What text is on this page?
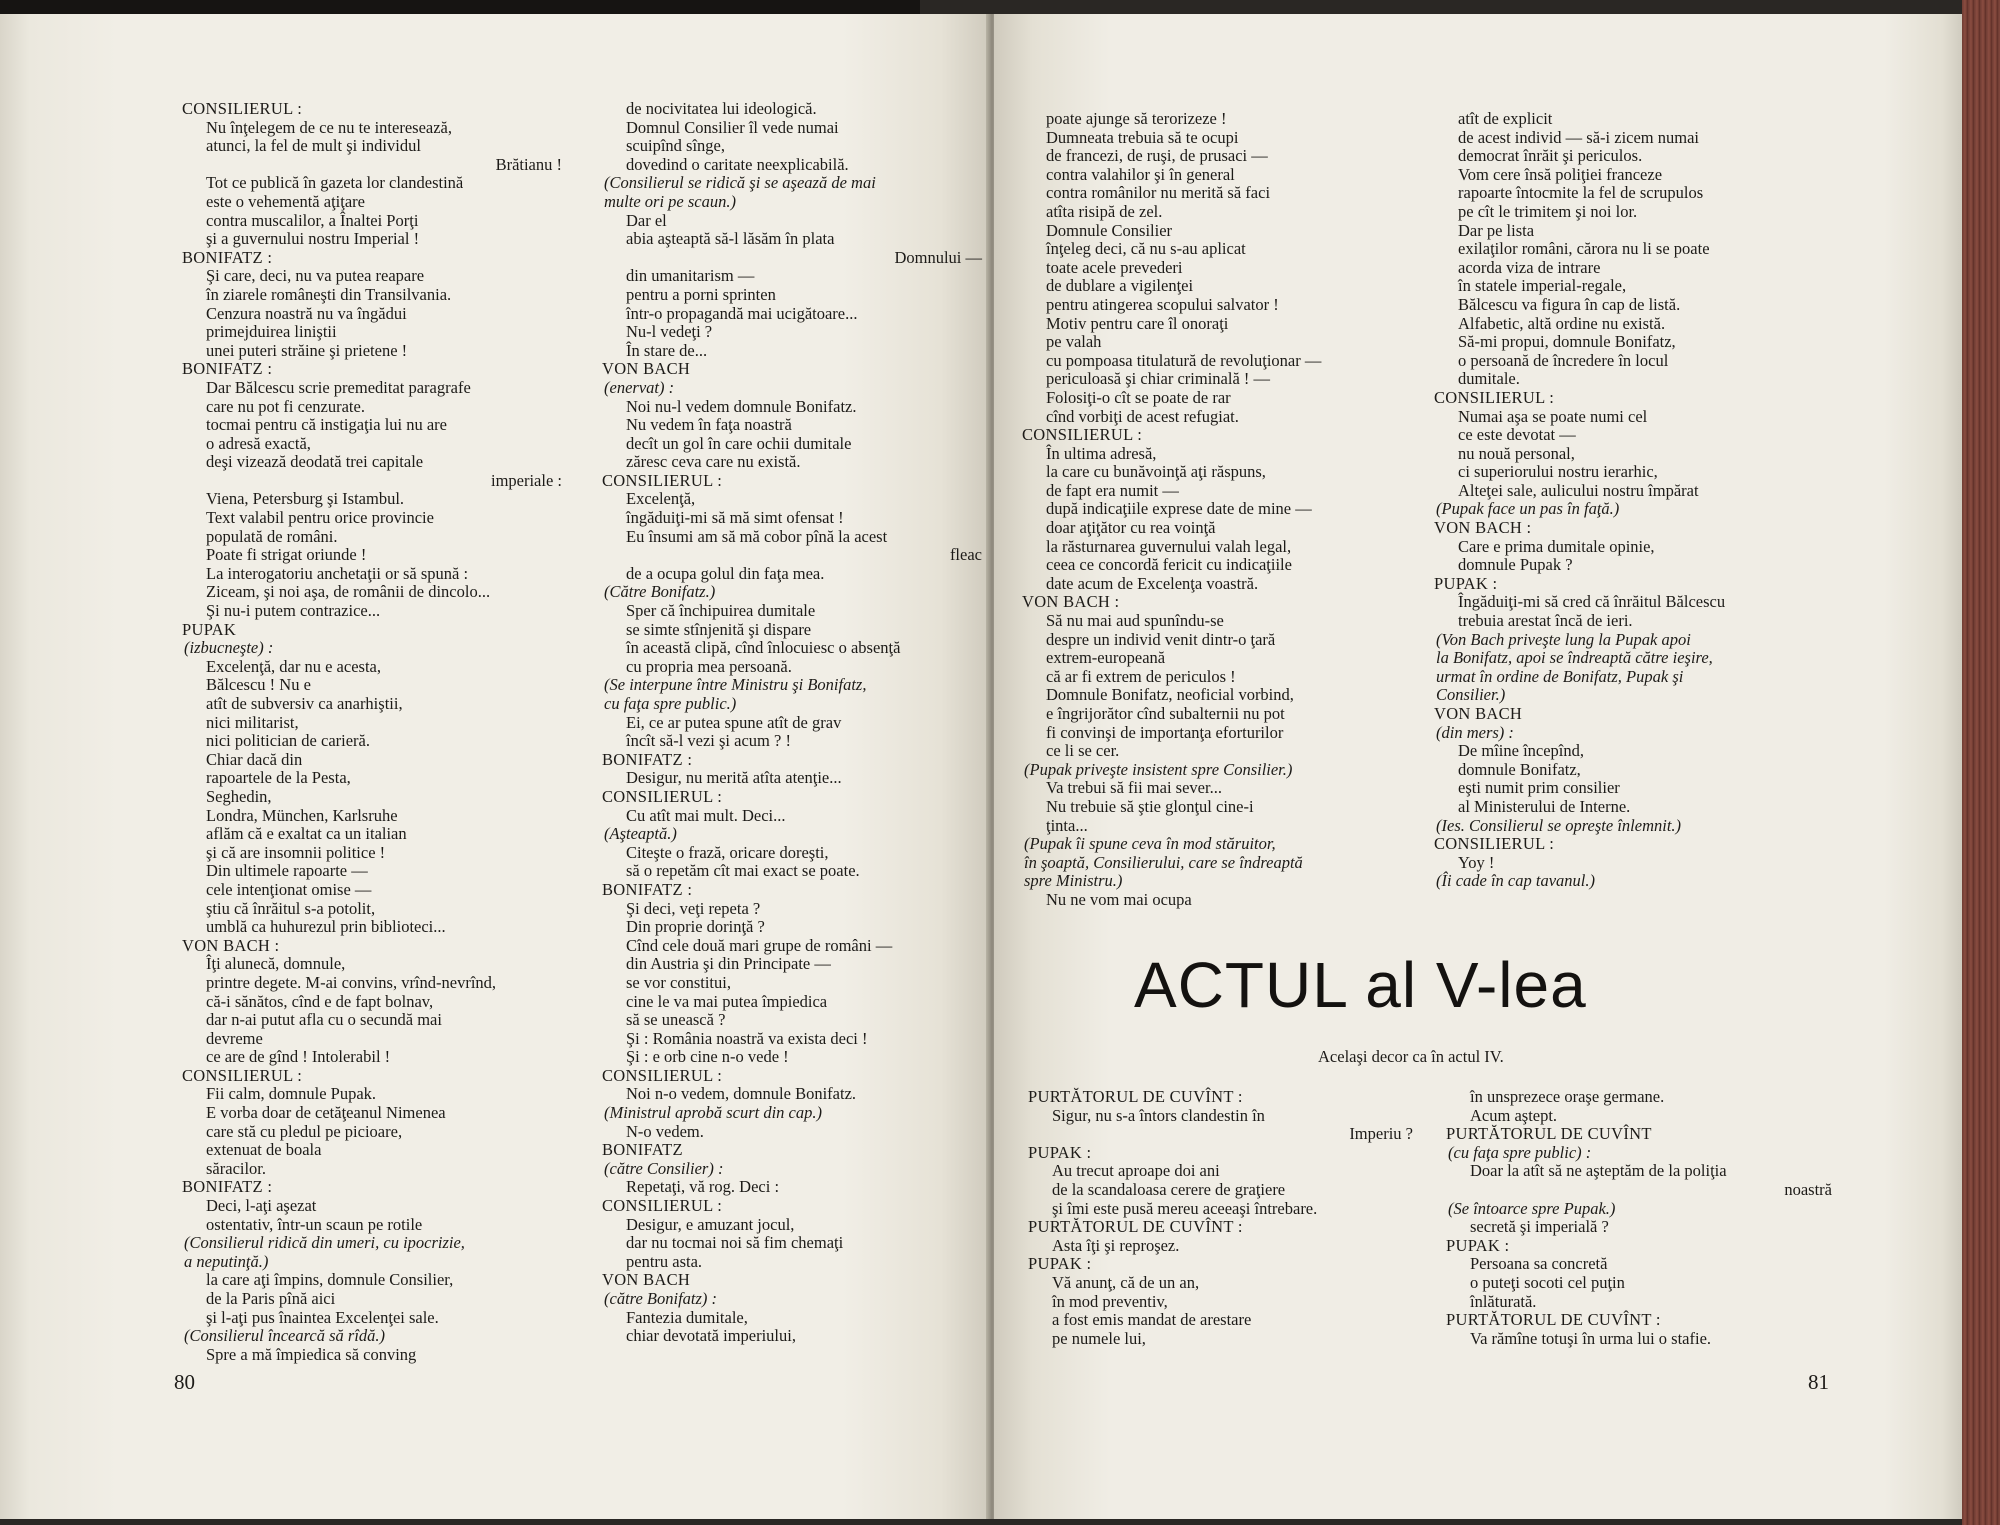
CONSILIERUL :

Nu înţelegem de ce nu te interesează,

atunci, la fel de mult şi individul

Brătianu !

Tot ce publică în gazeta lor clandestină

este o vehementă aţiţare

contra muscalilor, a Înaltei Porţi

şi a guvernului nostru Imperial !

BONIFATZ :

Şi care, deci, nu va putea reapare

în ziarele româneşti din Transilvania.

Cenzura noastră nu va îngădui

primejduirea liniştii

unei puteri străine şi prietene !

BONIFATZ :

Dar Bălcescu scrie premeditat paragrafe

care nu pot fi cenzurate.

tocmai pentru că instigaţia lui nu are

o adresă exactă,

deşi vizează deodată trei capitale

imperiale :

Viena, Petersburg şi Istambul.

Text valabil pentru orice provincie

populată de români.

Poate fi strigat oriunde !

La interogatoriu anchetaţii or să spună :

Ziceam, şi noi aşa, de românii de dincolo...

Şi nu-i putem contrazice...

PUPAK

(izbucneşte) :

Excelenţă, dar nu e acesta,

Bălcescu ! Nu e

atît de subversiv ca anarhiştii,

nici militarist,

nici politician de carieră.

Chiar dacă din

rapoartele de la Pesta,

Seghedin,

Londra, München, Karlsruhe

aflăm că e exaltat ca un italian

şi că are insomnii politice !

Din ultimele rapoarte —

cele intenţionat omise —

ştiu că înrăitul s-a potolit,

umblă ca huhurezul prin biblioteci...

VON BACH :

Îţi alunecă, domnule,

printre degete. M-ai convins, vrînd-nevrînd,

că-i sănătos, cînd e de fapt bolnav,

dar n-ai putut afla cu o secundă mai

devreme

ce are de gînd ! Intolerabil !

CONSILIERUL :

Fii calm, domnule Pupak.

E vorba doar de cetăţeanul Nimenea

care stă cu pledul pe picioare,

extenuat de boala

săracilor.

BONIFATZ :

Deci, l-aţi aşezat

ostentativ, într-un scaun pe rotile

(Consilierul ridică din umeri, cu ipocrizie,

a neputinţă.)

la care aţi împins, domnule Consilier,

de la Paris pînă aici

şi l-aţi pus înaintea Excelenţei sale.

(Consilierul încearcă să rîdă.)

Spre a mă împiedica să conving

de nocivitatea lui ideologică.

Domnul Consilier îl vede numai

scuipînd sînge,

dovedind o caritate neexplicabilă.

(Consilierul se ridică şi se aşează de mai

multe ori pe scaun.)

Dar el

abia aşteaptă să-l lăsăm în plata

Domnului —

din umanitarism —

pentru a porni sprinten

într-o propagandă mai ucigătoare...

Nu-l vedeţi ?

În stare de...

VON BACH

(enervat) :

Noi nu-l vedem domnule Bonifatz.

Nu vedem în faţa noastră

decît un gol în care ochii dumitale

zăresc ceva care nu există.

CONSILIERUL :

Excelenţă,

îngăduiţi-mi să mă simt ofensat !

Eu însumi am să mă cobor pînă la acest

fleac

de a ocupa golul din faţa mea.

(Către Bonifatz.)

Sper că închipuirea dumitale

se simte stînjenită şi dispare

în această clipă, cînd înlocuiesc o absenţă

cu propria mea persoană.

(Se interpune între Ministru şi Bonifatz,

cu faţa spre public.)

Ei, ce ar putea spune atît de grav

încît să-l vezi şi acum ? !

BONIFATZ :

Desigur, nu merită atîta atenţie...

CONSILIERUL :

Cu atît mai mult. Deci...

(Aşteaptă.)

Citeşte o frază, oricare doreşti,

să o repetăm cît mai exact se poate.

BONIFATZ :

Şi deci, veţi repeta ?

Din proprie dorinţă ?

Cînd cele două mari grupe de români —

din Austria şi din Principate —

se vor constitui,

cine le va mai putea împiedica

să se unească ?

Şi : România noastră va exista deci !

Şi : e orb cine n-o vede !

CONSILIERUL :

Noi n-o vedem, domnule Bonifatz.

(Ministrul aprobă scurt din cap.)

N-o vedem.

BONIFATZ

(către Consilier) :

Repetaţi, vă rog. Deci :

CONSILIERUL :

Desigur, e amuzant jocul,

dar nu tocmai noi să fim chemaţi

pentru asta.

VON BACH

(către Bonifatz) :

Fantezia dumitale,

chiar devotată imperiului,

poate ajunge să terorizeze !

Dumneata trebuia să te ocupi

de francezi, de ruşi, de prusaci —

contra valahilor şi în general

contra românilor nu merită să faci

atîta risipă de zel.

Domnule Consilier

înţeleg deci, că nu s-au aplicat

toate acele prevederi

de dublare a vigilenţei

pentru atingerea scopului salvator !

Motiv pentru care îl onoraţi

pe valah

cu pompoasa titulatură de revoluţionar —

periculoasă şi chiar criminală ! —

Folosiţi-o cît se poate de rar

cînd vorbiţi de acest refugiat.

CONSILIERUL :

În ultima adresă,

la care cu bunăvoinţă aţi răspuns,

de fapt era numit —

după indicaţiile exprese date de mine —

doar aţiţător cu rea voinţă

la răsturnarea guvernului valah legal,

ceea ce concordă fericit cu indicaţiile

date acum de Excelenţa voastră.

VON BACH :

Să nu mai aud spunîndu-se

despre un individ venit dintr-o ţară

extrem-europeană

că ar fi extrem de periculos !

Domnule Bonifatz, neoficial vorbind,

e îngrijorător cînd subalternii nu pot

fi convinşi de importanţa eforturilor

ce li se cer.

(Pupak priveşte insistent spre Consilier.)

Va trebui să fii mai sever...

Nu trebuie să ştie glonţul cine-i

ţinta...

(Pupak îi spune ceva în mod stăruitor,

în şoaptă, Consilierului, care se îndreaptă

spre Ministru.)

Nu ne vom mai ocupa

atît de explicit

de acest individ — să-i zicem numai

democrat înrăit şi periculos.

Vom cere însă poliţiei franceze

rapoarte întocmite la fel de scrupulos

pe cît le trimitem şi noi lor.

Dar pe lista

exilaţilor români, cărora nu li se poate

acorda viza de intrare

în statele imperial-regale,

Bălcescu va figura în cap de listă.

Alfabetic, altă ordine nu există.

Să-mi propui, domnule Bonifatz,

o persoană de încredere în locul

dumitale.

CONSILIERUL :

Numai aşa se poate numi cel

ce este devotat —

nu nouă personal,

ci superiorului nostru ierarhic,

Alteţei sale, aulicului nostru împărat

(Pupak face un pas în faţă.)

VON BACH :

Care e prima dumitale opinie,

domnule Pupak ?

PUPAK :

Îngăduiţi-mi să cred că înrăitul Bălcescu

trebuia arestat încă de ieri.

(Von Bach priveşte lung la Pupak apoi

la Bonifatz, apoi se îndreaptă către ieşire,

urmat în ordine de Bonifatz, Pupak şi

Consilier.)

VON BACH

(din mers) :

De mîine începînd,

domnule Bonifatz,

eşti numit prim consilier

al Ministerului de Interne.

(Ies. Consilierul se opreşte înlemnit.)

CONSILIERUL :

Yoy !

(Îi cade în cap tavanul.)

ACTUL al V-lea
Acelaşi decor ca în actul IV.

PURTĂTORUL DE CUVÎNT :

Sigur, nu s-a întors clandestin în

Imperiu ?

PUPAK :

Au trecut aproape doi ani

de la scandaloasa cerere de graţiere

şi îmi este pusă mereu aceeaşi întrebare.

PURTĂTORUL DE CUVÎNT :

Asta îţi şi reproşez.

PUPAK :

Vă anunţ, că de un an,

în mod preventiv,

a fost emis mandat de arestare

pe numele lui,

în unsprezece oraşe germane.

Acum aştept.

PURTĂTORUL DE CUVÎNT

(cu faţa spre public) :

Doar la atît să ne aşteptăm de la poliţia

noastră

(Se întoarce spre Pupak.)

secretă şi imperială ?

PUPAK :

Persoana sa concretă

o puteţi socoti cel puţin

înlăturată.

PURTĂTORUL DE CUVÎNT :

Va rămîne totuşi în urma lui o stafie.

80	81
